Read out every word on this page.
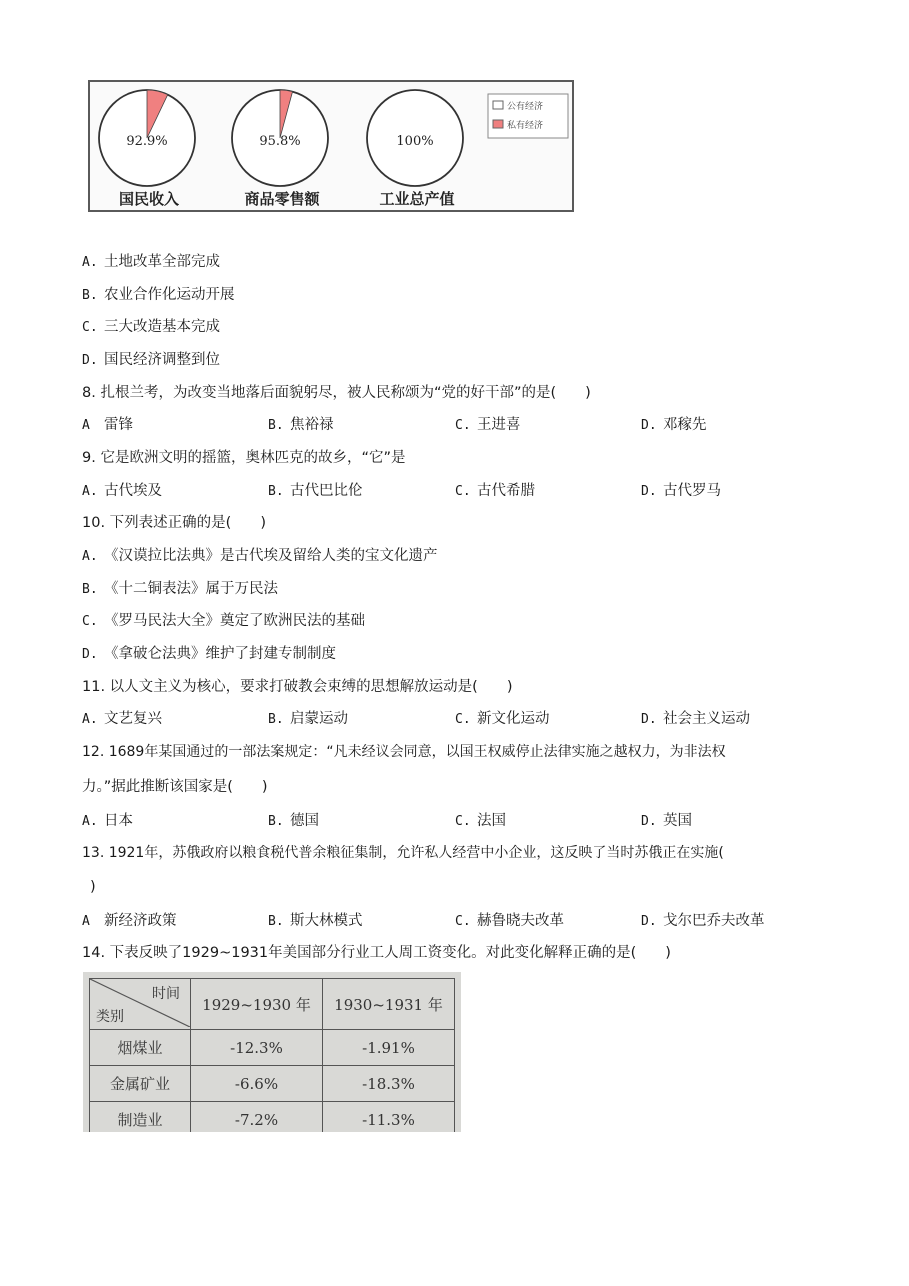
92.9%
国民收入
95.8%
商品零售额
100%
工业总产值
公有经济
私有经济
A. 土地改革全部完成
B. 农业合作化运动开展
C. 三大改造基本完成
D. 国民经济调整到位
8. 扎根兰考，为改变当地落后面貌躬尽，被人民称颂为“党的好干部”的是(　　)
A 雷锋	B. 焦裕禄	C. 王进喜	D. 邓稼先
9. 它是欧洲文明的摇篮，奥林匹克的故乡，“它”是
A. 古代埃及	B. 古代巴比伦	C. 古代希腊	D. 古代罗马
10. 下列表述正确的是(　　)
A. 《汉谟拉比法典》是古代埃及留给人类的宝文化遗产
B. 《十二铜表法》属于万民法
C. 《罗马民法大全》奠定了欧洲民法的基础
D. 《拿破仑法典》维护了封建专制制度
11. 以人文主义为核心，要求打破教会束缚的思想解放运动是(　　)
A. 文艺复兴	B. 启蒙运动	C. 新文化运动	D. 社会主义运动
12. 1689年某国通过的一部法案规定：“凡未经议会同意，以国王权威停止法律实施之越权力，为非法权
力。”据此推断该国家是(　　)
A. 日本	B. 德国	C. 法国	D. 英国
13. 1921年，苏俄政府以粮食税代普余粮征集制，允许私人经营中小企业，这反映了当时苏俄正在实施(
)
A 新经济政策	B. 斯大林模式	C. 赫鲁晓夫改革	D. 戈尔巴乔夫改革
14. 下表反映了1929~1931年美国部分行业工人周工资变化。对此变化解释正确的是(　　)
时间
类别	1929~1930 年	1930~1931 年
烟煤业	-12.3%	-1.91%
金属矿业	-6.6%	-18.3%
制造业	-7.2%	-11.3%
